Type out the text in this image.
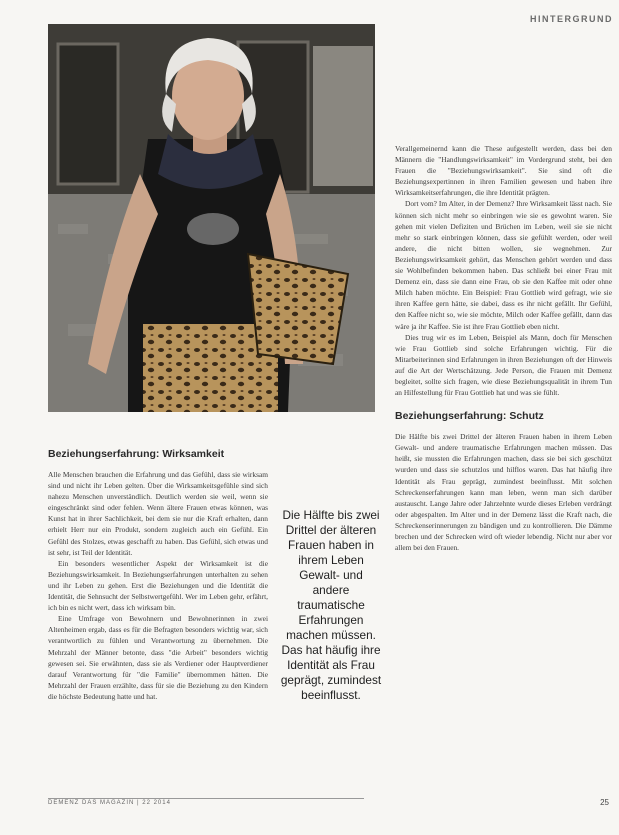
HINTERGRUND
Beziehungserfahrung: Wirksamkeit

Alle Menschen brauchen die Erfahrung und das Gefühl, dass sie wirksam sind und nicht ihr Leben gelten. Über die Wirksamkeitsgefühle sind sich nahezu Menschen unverständlich. Deutlich werden sie weil, wenn sie eingeschränkt sind oder fehlen. Wenn ältere Frauen etwas können, was Kunst hat in ihrer Sachlichkeit, bei dem sie nur die Kraft erhalten, dann erhielt Herr nur ein Produkt, sondern zugleich auch ein Gefühl. Ein Gefühl des Stolzes, etwas geschafft zu haben. Das Gefühl, sich etwas und ist sehr, ist Teil der Identität.

Ein besonders wesentlicher Aspekt der Wirksamkeit ist die Beziehungswirksamkeit. In Beziehungserfahrungen unterhalten zu sehen und ihr Leben zu gehen. Erst die Beziehungen und die Identität die Identität, die Sehnsucht der Selbstwertgefühl. Wer im Leben gehr, erfährt, ich bin es nicht wert, dass ich wirksam bin.

Eine Umfrage von Bewohnern und Bewohnerinnen in zwei Altenheimen ergab, dass es für die Befragten besonders wichtig war, sich verantwortlich zu fühlen und Verantwortung zu übernehmen. Die Mehrzahl der Männer betonte, dass "die Arbeit" besonders wichtig gewesen sei. Sie erwähnten, dass sie als Verdiener oder Hauptverdiener darauf Verantwortung für "die Familie" übernommen hätten. Die Mehrzahl der Frauen erzählte, dass für sie die Beziehung zu den Kindern die höchste Bedeutung hatte und hat.

Die Hälfte bis zwei Drittel der älteren Frauen haben in ihrem Leben Gewalt- und andere traumatische Erfahrungen machen müssen. Das hat häufig ihre Identität als Frau geprägt, zumindest beeinflusst.

Verallgemeinernd kann die These aufgestellt werden, dass bei den Männern die "Handlungswirksamkeit" im Vordergrund steht, bei den Frauen die "Beziehungswirksamkeit". Sie sind oft die Beziehungsexpertinnen in ihren Familien gewesen und haben ihre Wirksamkeitserfahrungen, die ihre Identität prägten.

Dort vom? Im Alter, in der Demenz? Ihre Wirksamkeit lässt nach. Sie können sich nicht mehr so einbringen wie sie es gewohnt waren. Sie gehen mit vielen Defiziten und Brüchen im Leben, weil sie sie nicht mehr so stark einbringen können, dass sie gefühlt werden, oder weil andere, die nicht bitten wollen, sie wegnehmen. Zur Beziehungswirksamkeit gehört, das Menschen gehört werden und dass sie Wohlbefinden bekommen haben. Das schließt bei einer Frau mit Demenz ein, dass sie dann eine Frau, ob sie den Kaffee mit oder ohne Milch haben möchte. Ein Beispiel: Frau Gottlieb wird gefragt, wie sie ihren Kaffee gern hätte, sie dabei, dass es ihr nicht gefällt. Ihr Gefühl, den Kaffee nicht so, wie sie möchte, Milch oder Kaffee gefällt, dann das wäre ja ihr Kaffee. Sie ist ihre Frau Gottlieb eben nicht.

Dies trug wir es im Leben, Beispiel als Mann, doch für Menschen wie Frau Gottlieb sind solche Erfahrungen wichtig. Für die Mitarbeiterinnen sind Erfahrungen in ihren Beziehungen oft der Hinweis auf die Art der Wertschätzung. Jede Person, die Frauen mit Demenz begleitet, sollte sich fragen, wie diese Beziehungsqualität in ihrem Tun an Hilfestellung für Frau Gottlieb hat und was sie fühlt.

Beziehungserfahrung: Schutz

Die Hälfte bis zwei Drittel der älteren Frauen haben in ihrem Leben Gewalt- und andere traumatische Erfahrungen machen müssen. Das heißt, sie mussten die Erfahrungen machen, dass sie bei sich geschützt wurden und dass sie schutzlos und hilflos waren. Das hat häufig ihre Identität als Frau geprägt, zumindest beeinflusst. Mit solchen Schreckenserfahrungen kann man leben, wenn man sich darüber austauscht. Lange Jahre oder Jahrzehnte wurde dieses Erleben verdrängt oder abgespalten. Im Alter und in der Demenz lässt die Kraft nach, die Schreckenserinnerungen zu bändigen und zu kontrollieren. Die Dämme brechen und der Schrecken wird oft wieder lebendig. Nicht nur aber vor allem bei den Frauen.

DEMENZ DAS MAGAZIN | 22 2014	25
